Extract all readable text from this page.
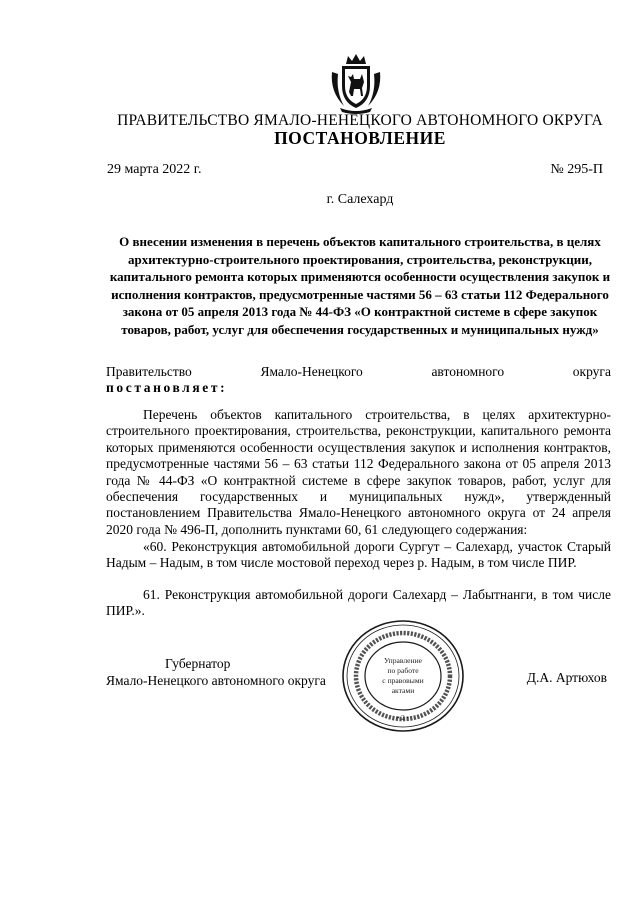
ПРАВИТЕЛЬСТВО ЯМАЛО-НЕНЕЦКОГО АВТОНОМНОГО ОКРУГА
ПОСТАНОВЛЕНИЕ
29 марта 2022 г.	№ 295-П
г. Салехард
О внесении изменения в перечень объектов капитального строительства, в целях архитектурно-строительного проектирования, строительства, реконструкции, капитального ремонта которых применяются особенности осуществления закупок и исполнения контрактов, предусмотренные частями 56 – 63 статьи 112 Федерального закона от 05 апреля 2013 года № 44-ФЗ «О контрактной системе в сфере закупок товаров, работ, услуг для обеспечения государственных и муниципальных нужд»
Правительство	Ямало-Ненецкого	автономного	округа
постановляет:
Перечень объектов капитального строительства, в целях архитектурно-строительного проектирования, строительства, реконструкции, капитального ремонта которых применяются особенности осуществления закупок и исполнения контрактов, предусмотренные частями 56 – 63 статьи 112 Федерального закона от 05 апреля 2013 года № 44-ФЗ «О контрактной системе в сфере закупок товаров, работ, услуг для обеспечения государственных и муниципальных нужд», утвержденный постановлением Правительства Ямало-Ненецкого автономного округа от 24 апреля 2020 года № 496-П, дополнить пунктами 60, 61 следующего содержания:
«60. Реконструкция автомобильной дороги Сургут – Салехард, участок Старый Надым – Надым, в том числе мостовой переход через р. Надым, в том числе ПИР.
61. Реконструкция автомобильной дороги Салехард – Лабытнанги, в том числе ПИР.».
Губернатор
Ямало-Ненецкого автономного округа	Д.А. Артюхов
Управление
по работе
с правовыми
актами
• 2 •
